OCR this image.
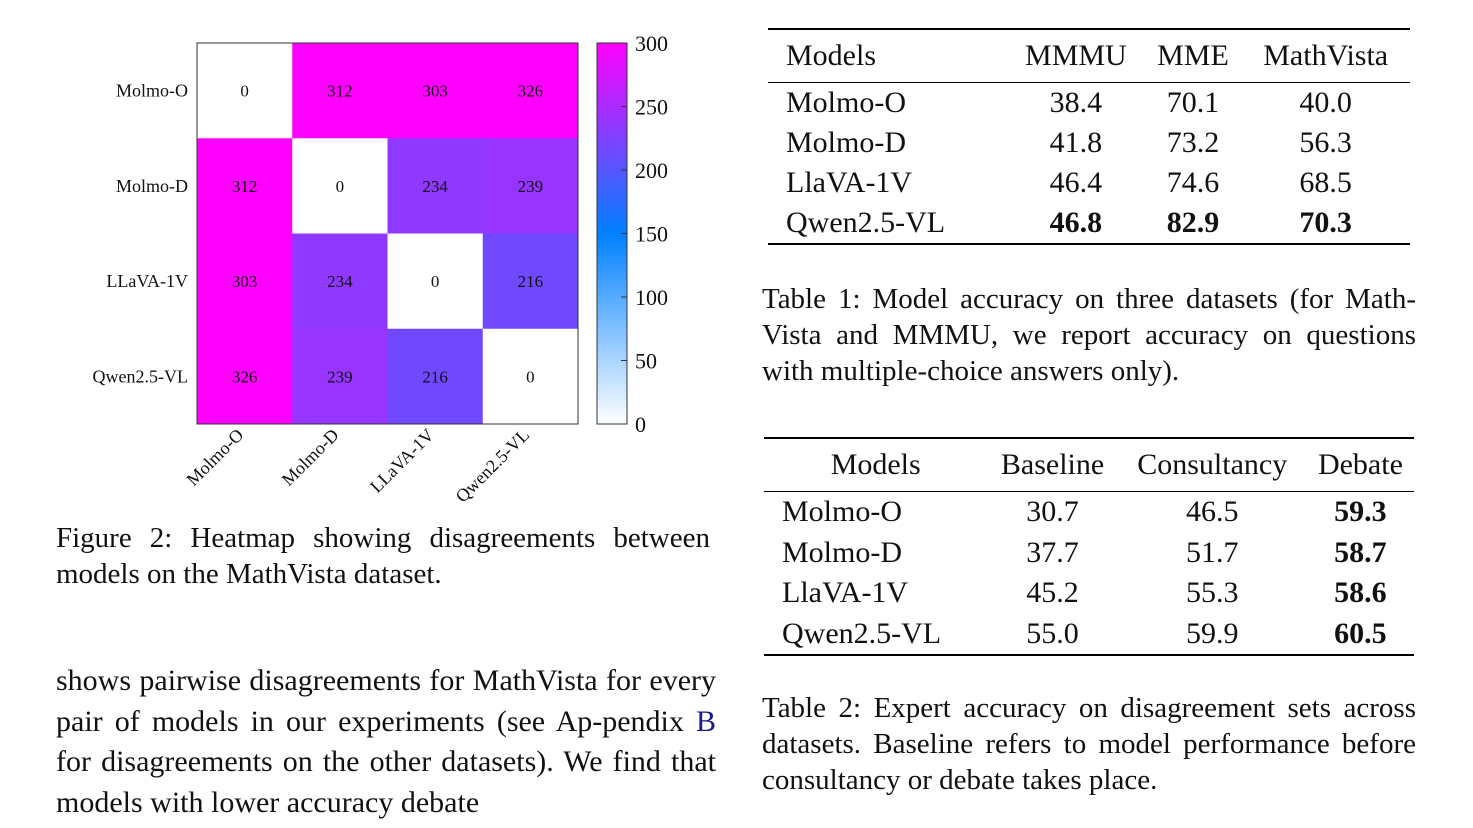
0	312	303	326
312	0	234	239
303	234	0	216
326	239	216	0
Molmo-O
Molmo-D
LLaVA-1V
Qwen2.5-VL
Molmo-O Molmo-D LLaVA-1V Qwen2.5-VL
0
50
100
150
200
250
300
Figure 2: Heatmap showing disagreements between models on the MathVista dataset.
shows pairwise disagreements for MathVista for every pair of models in our experiments (see Ap-pendix B for disagreements on the other datasets). We find that models with lower accuracy debate
Models	MMMU	MME	MathVista
Molmo-O	38.4	70.1	40.0
Molmo-D	41.8	73.2	56.3
LlaVA-1V	46.4	74.6	68.5
Qwen2.5-VL	46.8	82.9	70.3
Table 1: Model accuracy on three datasets (for Math-Vista and MMMU, we report accuracy on questions with multiple-choice answers only).
Models	Baseline	Consultancy	Debate
Molmo-O	30.7	46.5	59.3
Molmo-D	37.7	51.7	58.7
LlaVA-1V	45.2	55.3	58.6
Qwen2.5-VL	55.0	59.9	60.5
Table 2: Expert accuracy on disagreement sets across datasets. Baseline refers to model performance before consultancy or debate takes place.
